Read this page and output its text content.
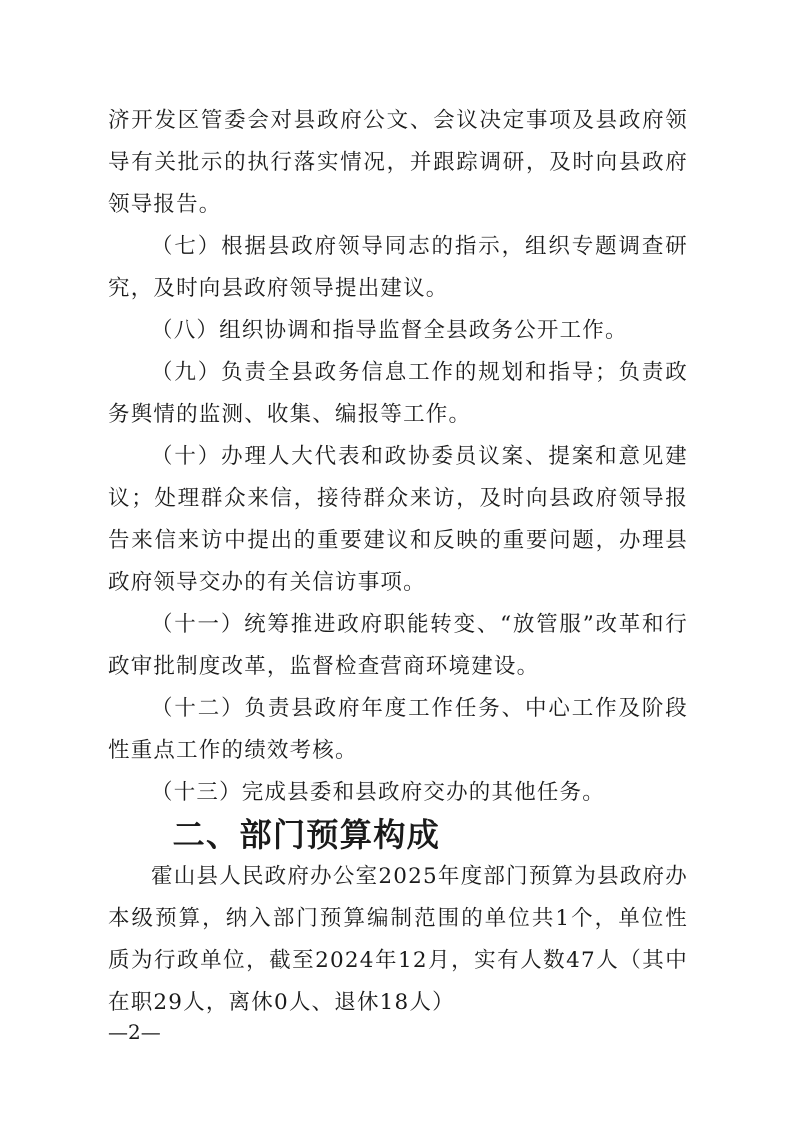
济开发区管委会对县政府公文、会议决定事项及县政府领导有关批示的执行落实情况，并跟踪调研，及时向县政府领导报告。

（七）根据县政府领导同志的指示，组织专题调查研究，及时向县政府领导提出建议。

（八）组织协调和指导监督全县政务公开工作。

（九）负责全县政务信息工作的规划和指导；负责政务舆情的监测、收集、编报等工作。

（十）办理人大代表和政协委员议案、提案和意见建议；处理群众来信，接待群众来访，及时向县政府领导报告来信来访中提出的重要建议和反映的重要问题，办理县政府领导交办的有关信访事项。

（十一）统筹推进政府职能转变、“放管服”改革和行政审批制度改革，监督检查营商环境建设。

（十二）负责县政府年度工作任务、中心工作及阶段性重点工作的绩效考核。

（十三）完成县委和县政府交办的其他任务。

二、部门预算构成

霍山县人民政府办公室2025年度部门预算为县政府办本级预算，纳入部门预算编制范围的单位共1个，单位性质为行政单位，截至2024年12月，实有人数47人（其中在职29人，离休0人、退休18人）

—2—
